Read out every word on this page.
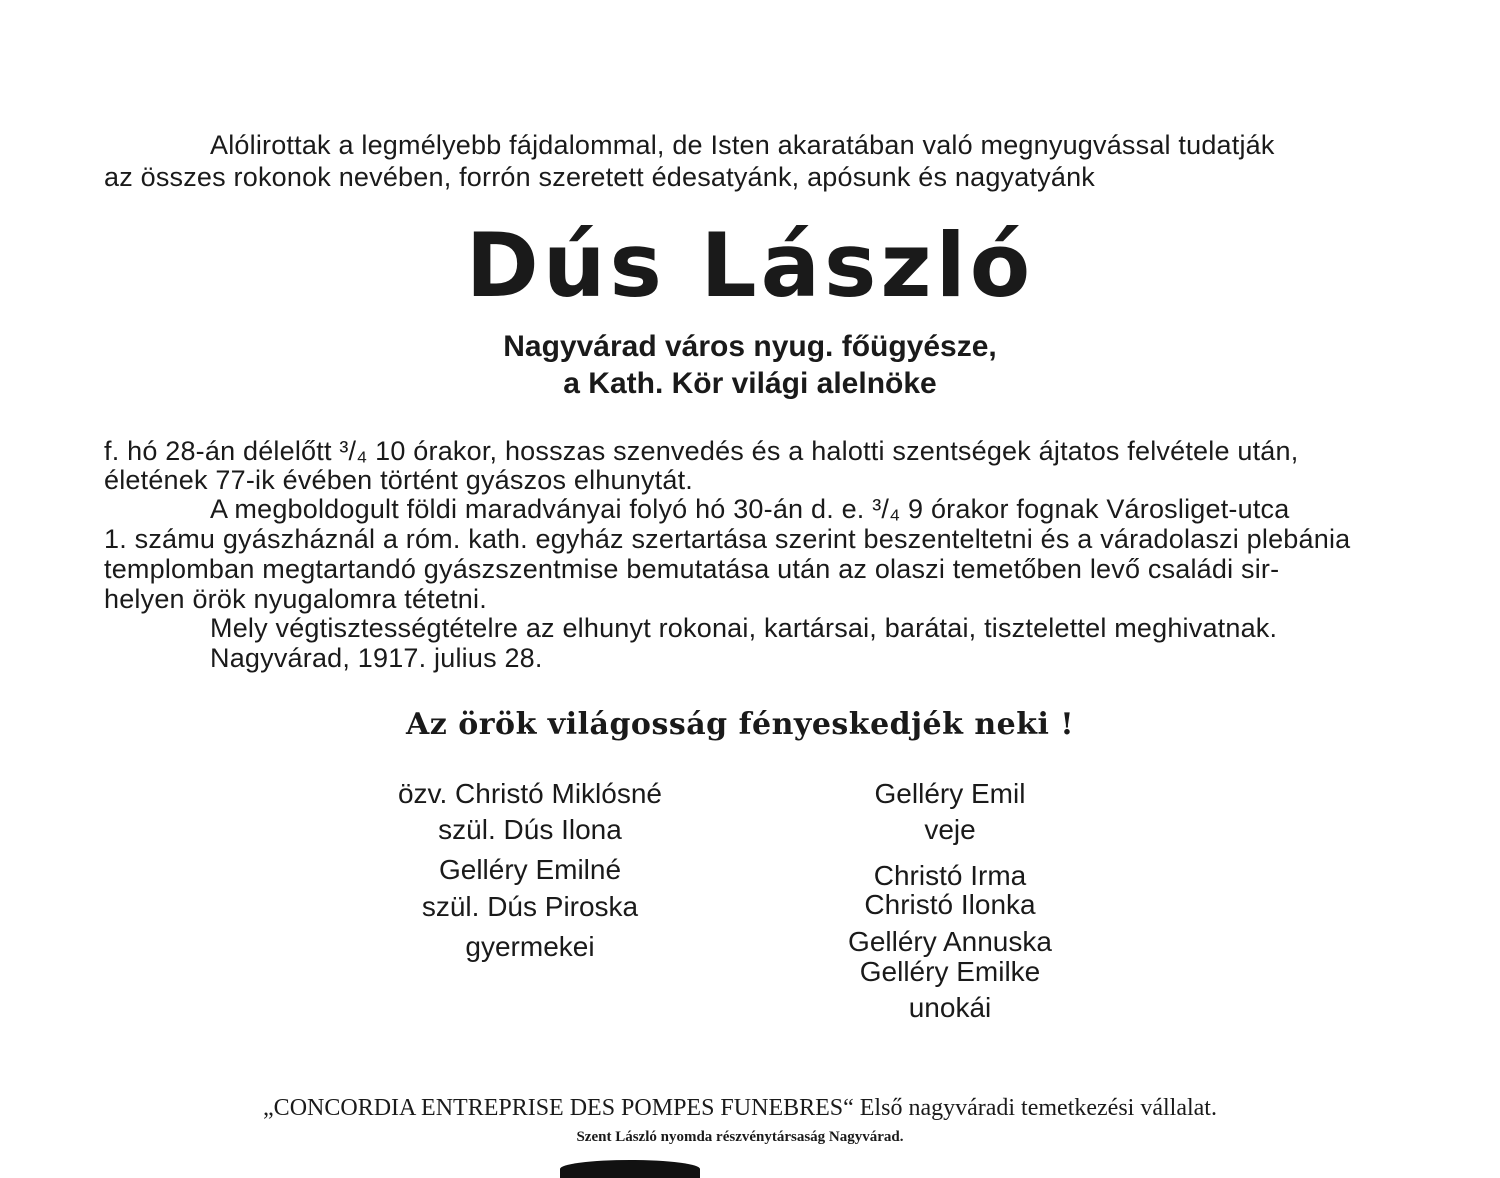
Alólirottak a legmélyebb fájdalommal, de Isten akaratában való megnyugvással tudatják
az összes rokonok nevében, forrón szeretett édesatyánk, apósunk és nagyatyánk
Dús László
Nagyvárad város nyug. főügyésze,
a Kath. Kör világi alelnöke
f. hó 28-án délelőtt ³/₄ 10 órakor, hosszas szenvedés és a halotti szentségek ájtatos felvétele után,
életének 77-ik évében történt gyászos elhunytát.
A megboldogult földi maradványai folyó hó 30-án d. e. ³/₄ 9 órakor fognak Városliget-utca
1. számu gyászháznál a róm. kath. egyház szertartása szerint beszenteltetni és a váradolaszi plebánia
templomban megtartandó gyászszentmise bemutatása után az olaszi temetőben levő családi sir-
helyen örök nyugalomra tétetni.
Mely végtisztességtételre az elhunyt rokonai, kartársai, barátai, tisztelettel meghivatnak.
Nagyvárad, 1917. julius 28.
Az örök világosság fényeskedjék neki !
özv. Christó Miklósné
szül. Dús Ilona
Gelléry Emilné
szül. Dús Piroska
gyermekei
Gelléry Emil
veje
Christó Irma
Christó Ilonka
Gelléry Annuska
Gelléry Emilke
unokái
„CONCORDIA ENTREPRISE DES POMPES FUNEBRES“ Első nagyváradi temetkezési vállalat.
Szent László nyomda részvénytársaság Nagyvárad.
